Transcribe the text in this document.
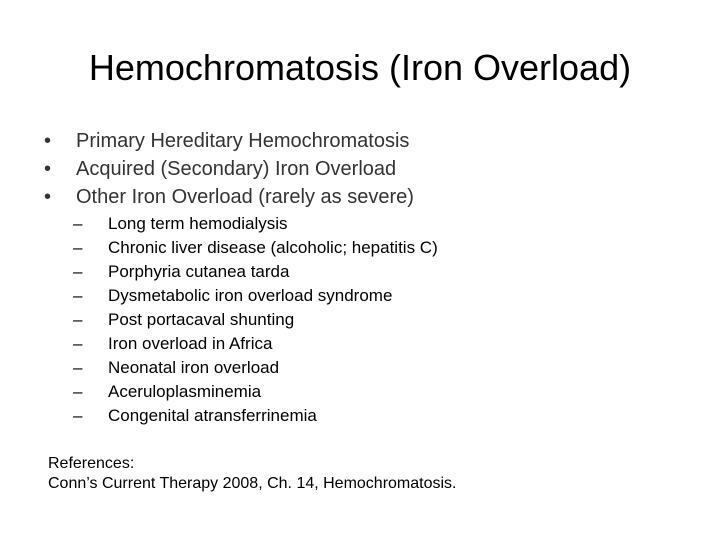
Hemochromatosis (Iron Overload)
•	Primary Hereditary Hemochromatosis
•	Acquired (Secondary) Iron Overload
•	Other Iron Overload (rarely as severe)
–	Long term hemodialysis
–	Chronic liver disease (alcoholic; hepatitis C)
–	Porphyria cutanea tarda
–	Dysmetabolic iron overload syndrome
–	Post portacaval shunting
–	Iron overload in Africa
–	Neonatal iron overload
–	Aceruloplasminemia
–	Congenital atransferrinemia
References:
Conn’s Current Therapy 2008, Ch. 14, Hemochromatosis.
